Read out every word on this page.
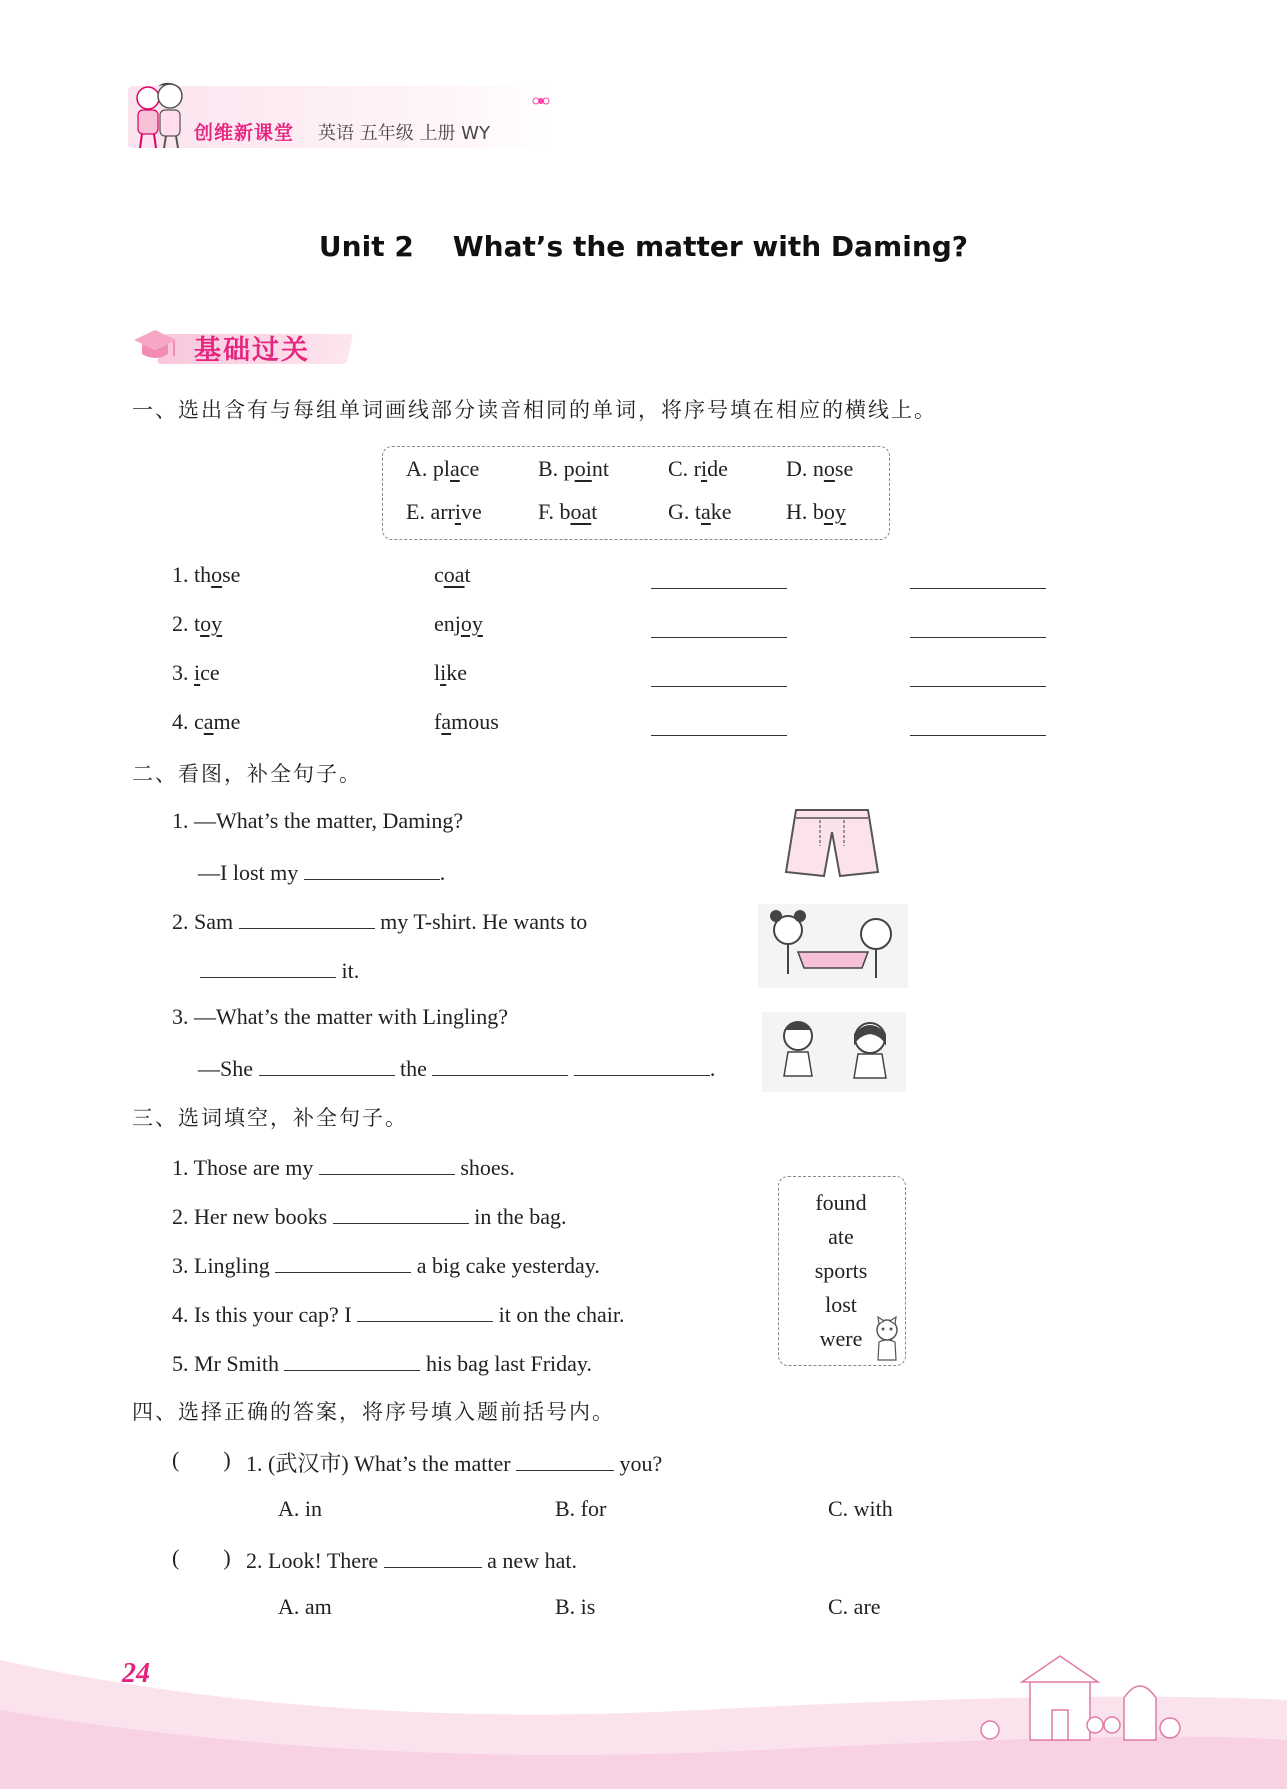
创维新课堂 英语 五年级 上册 WY
Unit 2    What’s the matter with Daming?
基础过关
一、选出含有与每组单词画线部分读音相同的单词，将序号填在相应的横线上。
A. place	B. point	C. ride	D. nose
E. arrive	F. boat	G. take H. boy
1. those	coat
2. toy	enjoy
3. ice	like
4. came	famous
二、看图，补全句子。
1. —What’s the matter, Daming?
—I lost my	.
2. Sam	my T-shirt. He wants to
it.
3. —What’s the matter with Lingling?
—She	the	.
三、选词填空，补全句子。
1. Those are my	shoes.
2. Her new books	in the bag.
3. Lingling	a big cake yesterday.
4. Is this your cap? I	it on the chair.
5. Mr Smith	his bag last Friday.
found
ate
sports
lost
were
四、选择正确的答案，将序号填入题前括号内。
(        ) 1. (武汉市) What’s the matter	you?
A. in	B. for	C. with
(        ) 2. Look! There	a new hat.
A. am	B. is	C. are
24
